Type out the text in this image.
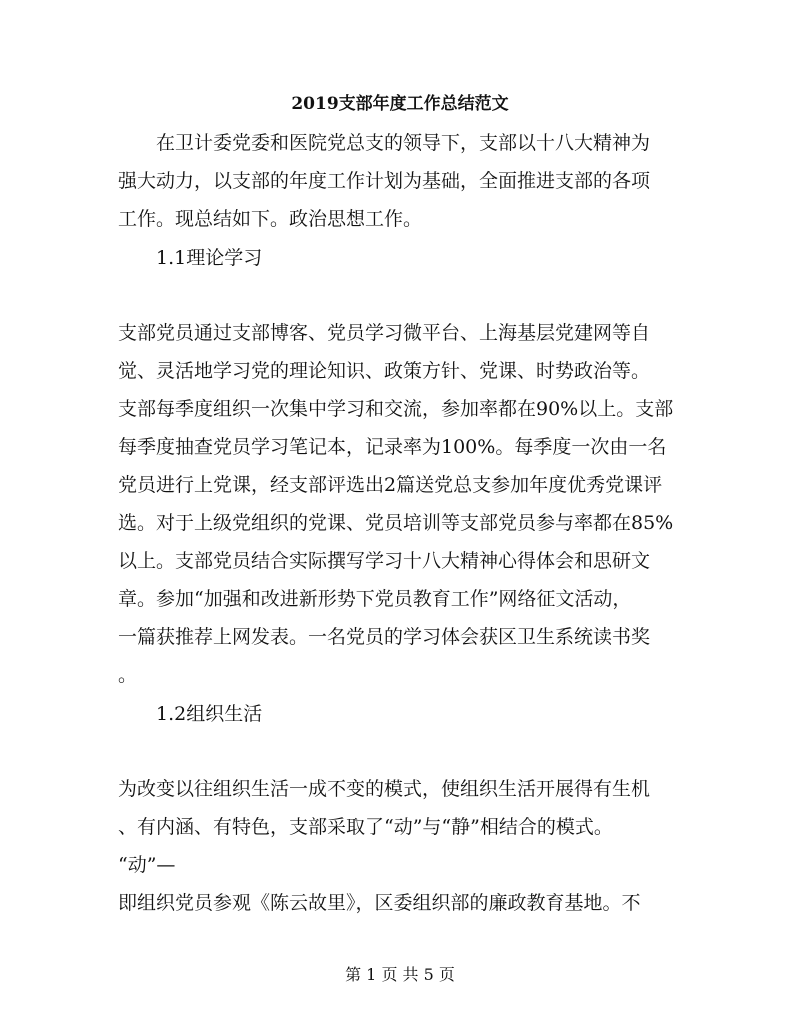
2019支部年度工作总结范文
　　在卫计委党委和医院党总支的领导下，支部以十八大精神为
强大动力，以支部的年度工作计划为基础，全面推进支部的各项
工作。现总结如下。政治思想工作。
　　1.1理论学习
支部党员通过支部博客、党员学习微平台、上海基层党建网等自
觉、灵活地学习党的理论知识、政策方针、党课、时势政治等。
支部每季度组织一次集中学习和交流，参加率都在90%以上。支部
每季度抽查党员学习笔记本，记录率为100%。每季度一次由一名
党员进行上党课，经支部评选出2篇送党总支参加年度优秀党课评
选。对于上级党组织的党课、党员培训等支部党员参与率都在85%
以上。支部党员结合实际撰写学习十八大精神心得体会和思研文
章。参加“加强和改进新形势下党员教育工作”网络征文活动，
一篇获推荐上网发表。一名党员的学习体会获区卫生系统读书奖
。
　　1.2组织生活
为改变以往组织生活一成不变的模式，使组织生活开展得有生机
、有内涵、有特色，支部采取了“动”与“静”相结合的模式。
“动”—
即组织党员参观《陈云故里》，区委组织部的廉政教育基地。不
第 1 页 共 5 页
